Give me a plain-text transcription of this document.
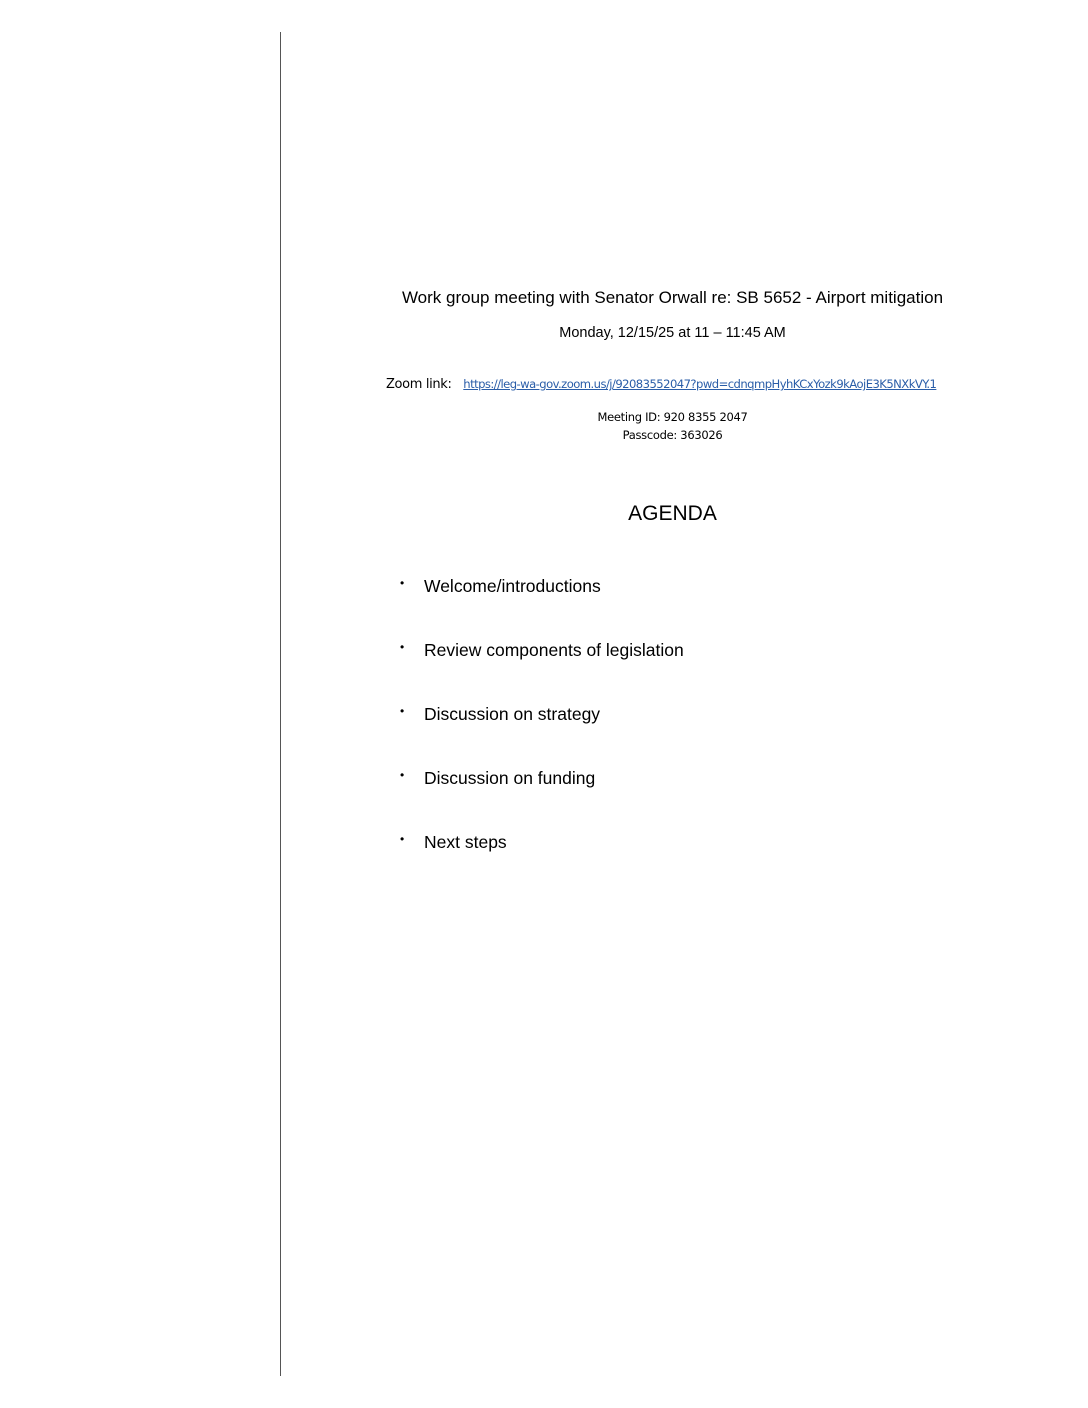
Work group meeting with Senator Orwall re: SB 5652 - Airport mitigation
Monday, 12/15/25 at 11 – 11:45 AM
Zoom link: https://leg-wa-gov.zoom.us/j/92083552047?pwd=cdnqmpHyhKCxYozk9kAojE3K5NXkVY.1
Meeting ID: 920 8355 2047
Passcode: 363026
AGENDA
•	Welcome/introductions
•	Review components of legislation
•	Discussion on strategy
•	Discussion on funding
•	Next steps
